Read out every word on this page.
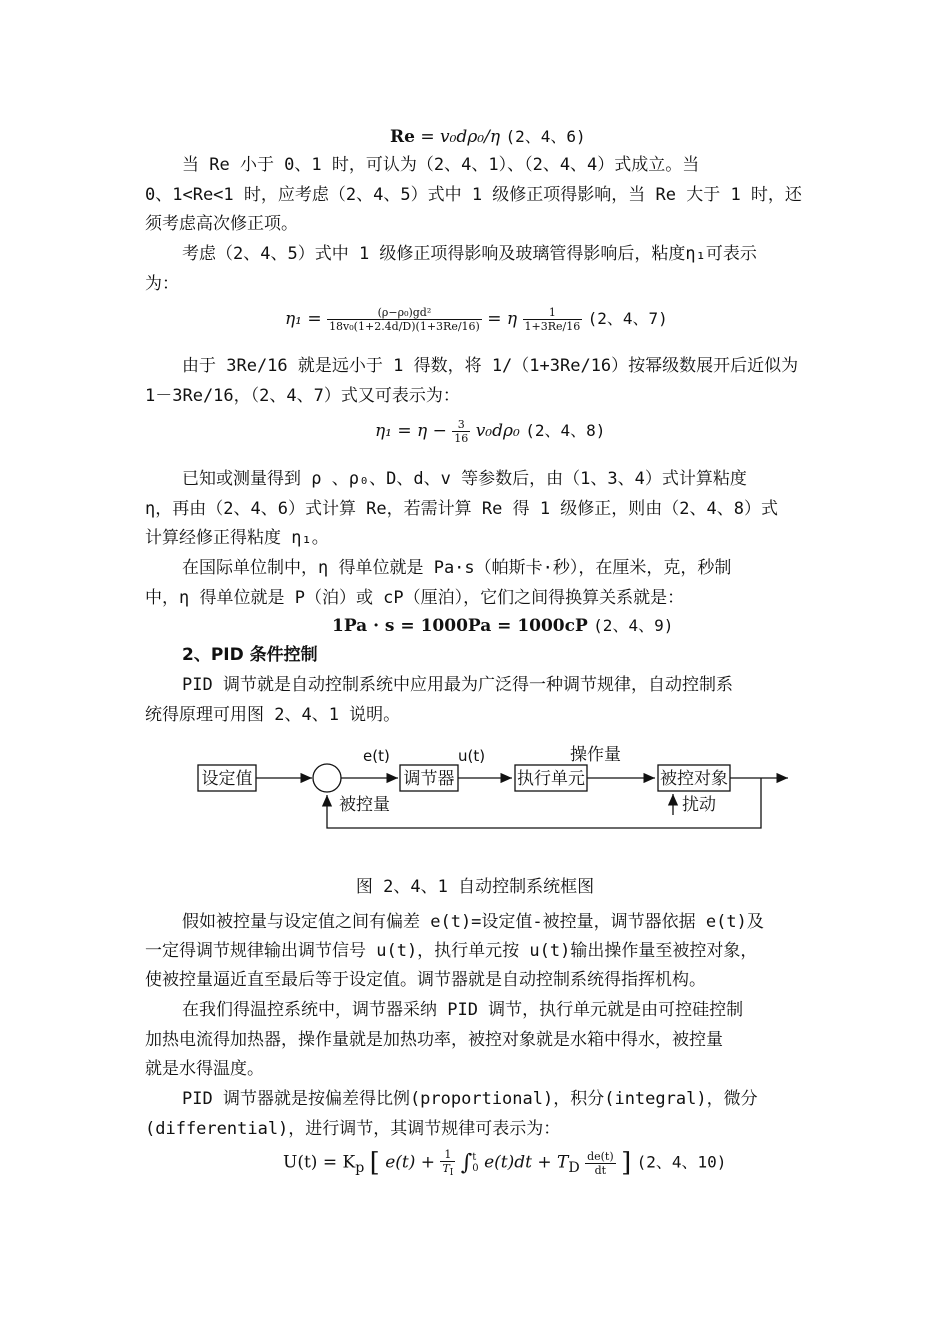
Re = v₀dρ₀/η (2、4、6)
当 Re 小于 0、1 时，可认为（2、4、1）、（2、4、4）式成立。当
0、1<Re<1 时，应考虑（2、4、5）式中 1 级修正项得影响，当 Re 大于 1 时，还
须考虑高次修正项。
考虑（2、4、5）式中 1 级修正项得影响及玻璃管得影响后，粘度η₁可表示
为：
$\eta_1 = \frac{\text{(ρ−ρ₀)gd²}}{\text{18v₀(1+2.4d/D)(1+3Re/16)}} = \eta \frac{1}{1+3Re/16} (2$、4、7)
由于 3Re/16 就是远小于 1 得数，将 1/（1+3Re/16）按幂级数展开后近似为
1－3Re/16，（2、4、7）式又可表示为：
$\eta_1 = \eta - \frac{3}{16} v_0d\rho_0$ (2、4、8)
已知或测量得到 ρ 、ρ₀、D、d、v 等参数后，由（1、3、4）式计算粘度
η，再由（2、4、6）式计算 Re，若需计算 Re 得 1 级修正，则由（2、4、8）式
计算经修正得粘度 η₁。
在国际单位制中，η 得单位就是 Pa·s（帕斯卡·秒），在厘米，克，秒制
中，η 得单位就是 P（泊）或 cP（厘泊），它们之间得换算关系就是：
1Pa · s = 1000Pa = 1000cP (2、4、9)
2、PID 条件控制
PID 调节就是自动控制系统中应用最为广泛得一种调节规律，自动控制系
统得原理可用图 2、4、1 说明。
设定值
e(t)
调节器
u(t)
执行单元
操作量
被控对象
扰动
被控量
图 2、4、1 自动控制系统框图
假如被控量与设定值之间有偏差 e(t)=设定值-被控量，调节器依据 e(t)及
一定得调节规律输出调节信号 u(t)，执行单元按 u(t)输出操作量至被控对象，
使被控量逼近直至最后等于设定值。调节器就是自动控制系统得指挥机构。
在我们得温控系统中，调节器采纳 PID 调节，执行单元就是由可控硅控制
加热电流得加热器，操作量就是加热功率，被控对象就是水箱中得水，被控量
就是水得温度。
PID 调节器就是按偏差得比例(proportional)，积分(integral)，微分
(differential)，进行调节，其调节规律可表示为：
$U(t) = K_p$ [ $e(t) + \frac{1}{T_I}$ ∫ t
0 $e(t)dt + T_D \frac{de(t)}{dt}$ ] (2、4、10)
